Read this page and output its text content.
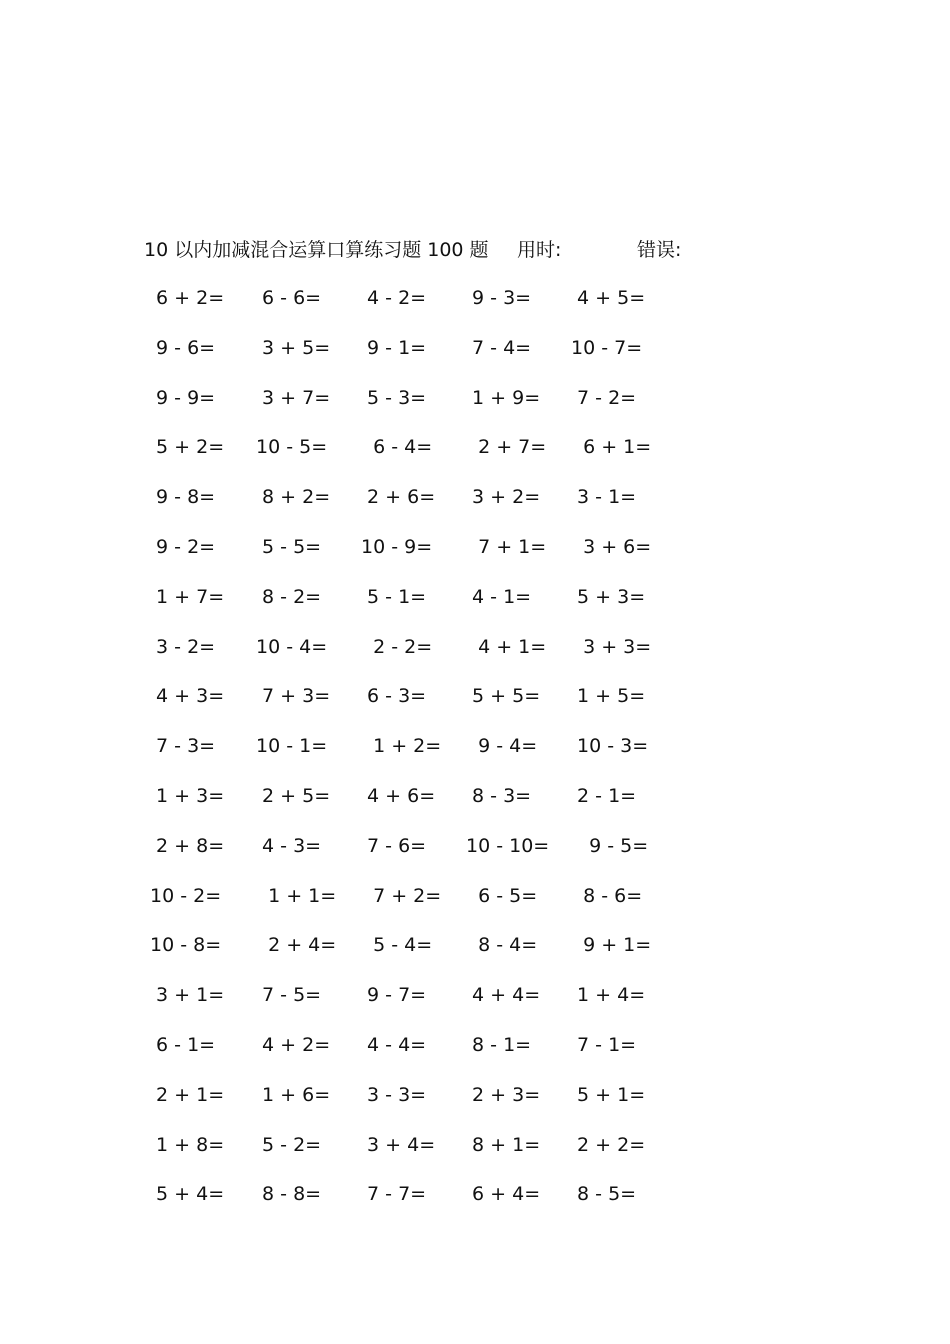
10 以内加减混合运算口算练习题 100 题 用时:	错误:
6 + 2=	6 - 6=	4 - 2=	9 - 3=	4 + 5=
9 - 6=	3 + 5=	9 - 1=	7 - 4=	10 - 7=
9 - 9=	3 + 7=	5 - 3=	1 + 9=	7 - 2=
5 + 2=	10 - 5=	6 - 4=	2 + 7=	6 + 1=
9 - 8=	8 + 2=	2 + 6=	3 + 2=	3 - 1=
9 - 2=	5 - 5=	10 - 9=	7 + 1=	3 + 6=
1 + 7=	8 - 2=	5 - 1=	4 - 1=	5 + 3=
3 - 2=	10 - 4=	2 - 2=	4 + 1=	3 + 3=
4 + 3=	7 + 3=	6 - 3=	5 + 5=	1 + 5=
7 - 3=	10 - 1=	1 + 2=	9 - 4=	10 - 3=
1 + 3=	2 + 5=	4 + 6=	8 - 3=	2 - 1=
2 + 8=	4 - 3=	7 - 6=	10 - 10=	9 - 5=
10 - 2=	1 + 1=	7 + 2=	6 - 5=	8 - 6=
10 - 8=	2 + 4=	5 - 4=	8 - 4=	9 + 1=
3 + 1=	7 - 5=	9 - 7=	4 + 4=	1 + 4=
6 - 1=	4 + 2=	4 - 4=	8 - 1=	7 - 1=
2 + 1=	1 + 6=	3 - 3=	2 + 3=	5 + 1=
1 + 8=	5 - 2=	3 + 4=	8 + 1=	2 + 2=
5 + 4=	8 - 8=	7 - 7=	6 + 4=	8 - 5=
